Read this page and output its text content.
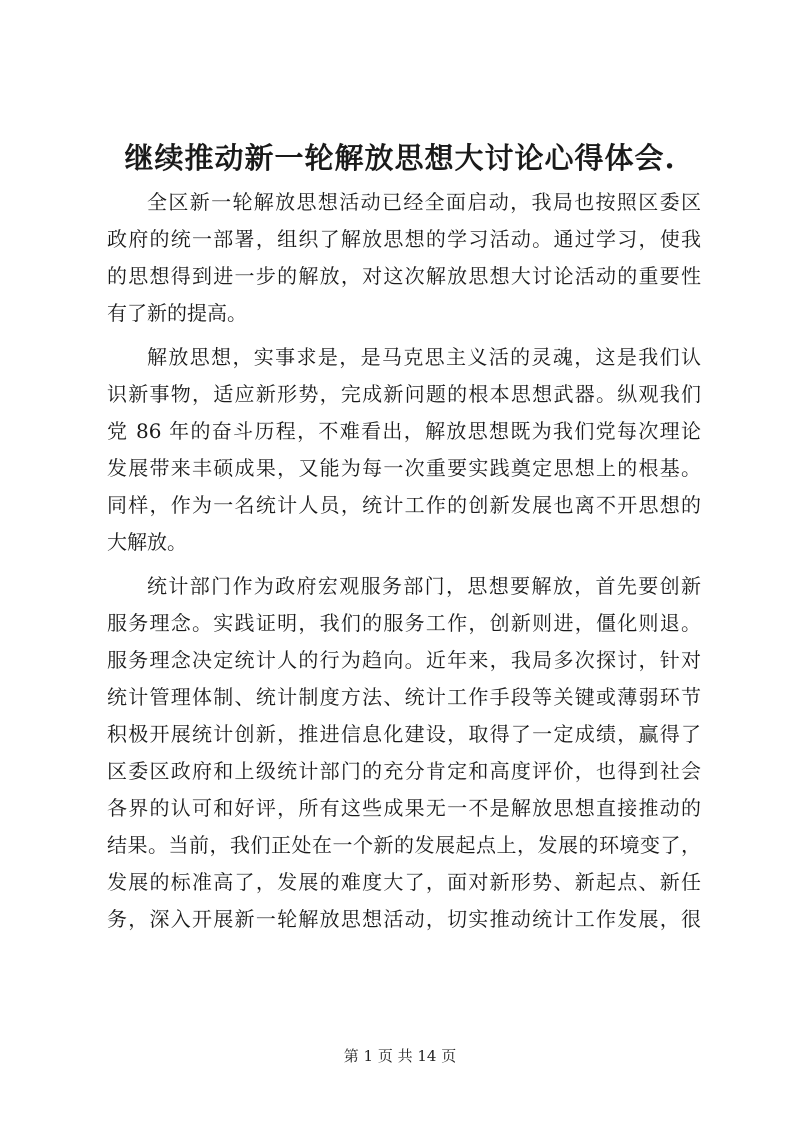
继续推动新一轮解放思想大讨论心得体会.

全区新一轮解放思想活动已经全面启动，我局也按照区委区
政府的统一部署，组织了解放思想的学习活动。通过学习，使我
的思想得到进一步的解放，对这次解放思想大讨论活动的重要性
有了新的提高。

解放思想，实事求是，是马克思主义活的灵魂，这是我们认
识新事物，适应新形势，完成新问题的根本思想武器。纵观我们
党 86 年的奋斗历程，不难看出，解放思想既为我们党每次理论
发展带来丰硕成果，又能为每一次重要实践奠定思想上的根基。
同样，作为一名统计人员，统计工作的创新发展也离不开思想的
大解放。

统计部门作为政府宏观服务部门，思想要解放，首先要创新
服务理念。实践证明，我们的服务工作，创新则进，僵化则退。
服务理念决定统计人的行为趋向。近年来，我局多次探讨，针对
统计管理体制、统计制度方法、统计工作手段等关键或薄弱环节
积极开展统计创新，推进信息化建设，取得了一定成绩，赢得了
区委区政府和上级统计部门的充分肯定和高度评价，也得到社会
各界的认可和好评，所有这些成果无一不是解放思想直接推动的
结果。当前，我们正处在一个新的发展起点上，发展的环境变了，
发展的标准高了，发展的难度大了，面对新形势、新起点、新任
务，深入开展新一轮解放思想活动，切实推动统计工作发展，很

第 1 页 共 14 页
